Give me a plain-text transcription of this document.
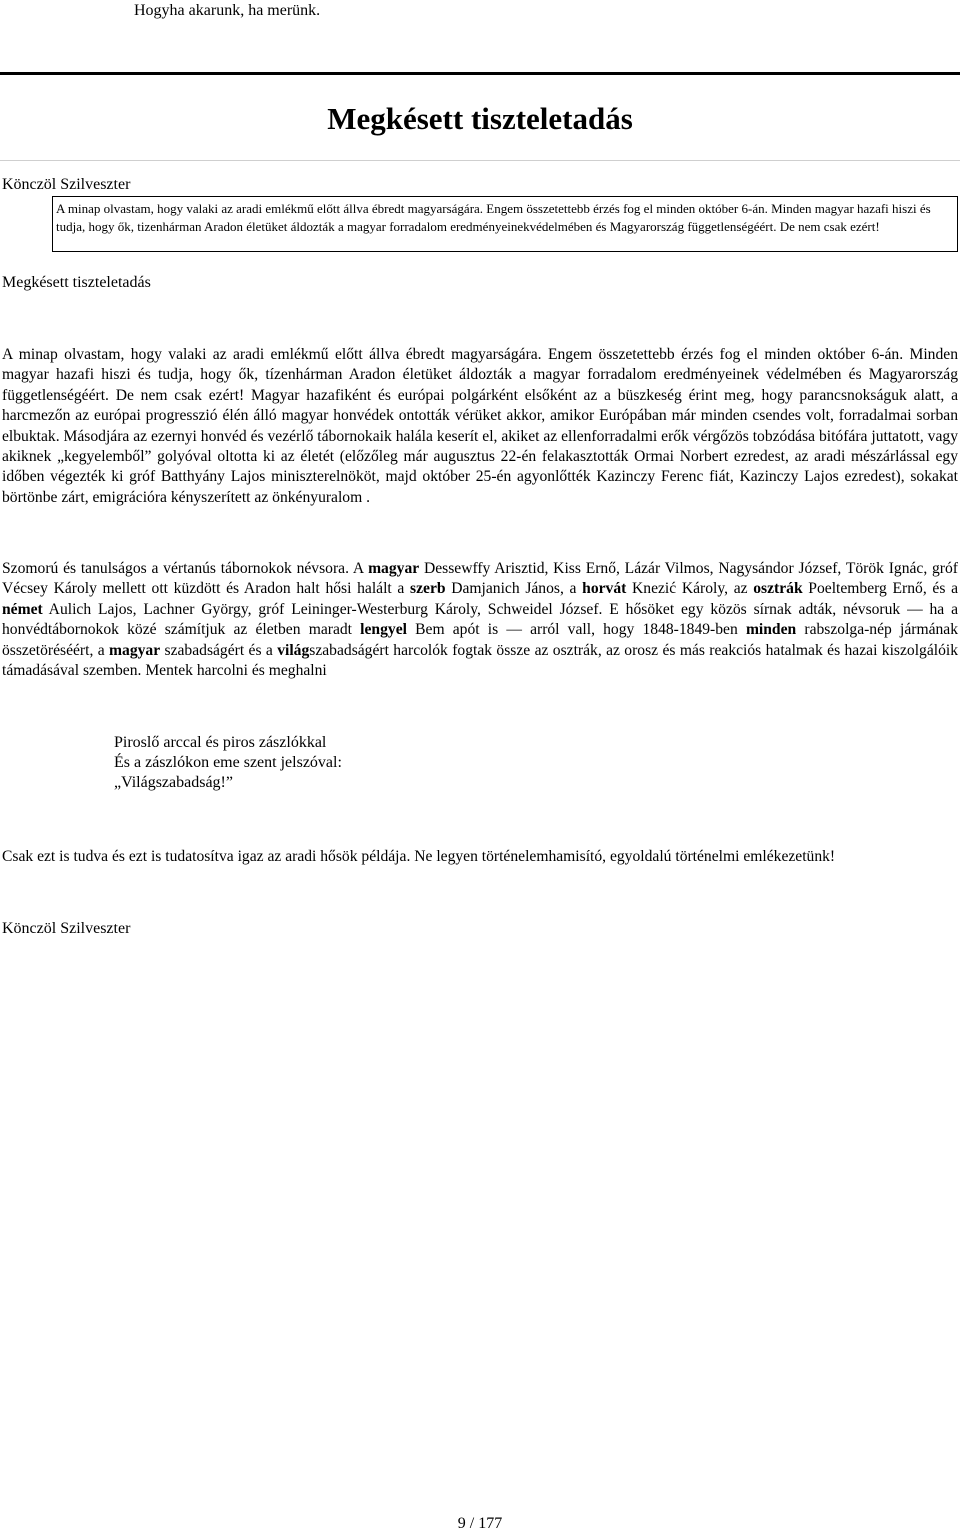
Hogyha akarunk, ha merünk.
Megkésett tiszteletadás
Könczöl Szilveszter
A minap olvastam, hogy valaki az aradi emlékmű előtt állva ébredt magyarságára. Engem összetettebb érzés fog el minden október 6-án. Minden magyar hazafi hiszi és tudja, hogy ők, tizenhárman Aradon életüket áldozták a magyar forradalom eredményeinekvédelmében és Magyarország függetlenségéért. De nem csak ezért!
Megkésett tiszteletadás

A minap olvastam, hogy valaki az aradi emlékmű előtt állva ébredt magyarságára. Engem összetettebb érzés fog el minden október 6-án. Minden magyar hazafi hiszi és tudja, hogy ők, tízenhárman Aradon életüket áldozták a magyar forradalom eredményeinek védelmében és Magyarország függetlenségéért. De nem csak ezért! Magyar hazafiként és európai polgárként elsőként az a büszkeség érint meg, hogy parancsnokságuk alatt, a harcmezőn az európai progresszió élén álló magyar honvédek ontották vérüket akkor, amikor Európában már minden csendes volt, forradalmai sorban elbuktak. Másodjára az ezernyi honvéd és vezérlő tábornokaik halála keserít el, akiket az ellenforradalmi erők vérgőzös tobzódása bitófára juttatott, vagy akiknek „kegyelemből” golyóval oltotta ki az életét (előzőleg már augusztus 22-én felakasztották Ormai Norbert ezredest, az aradi mészárlással egy időben végezték ki gróf Batthyány Lajos miniszterelnököt, majd október 25-én agyonlőtték Kazinczy Ferenc fiát, Kazinczy Lajos ezredest), sokakat börtönbe zárt, emigrációra kényszerített az önkényuralom .

Szomorú és tanulságos a vértanús tábornokok névsora. A magyar Dessewffy Arisztid, Kiss Ernő, Lázár Vilmos, Nagysándor József, Török Ignác, gróf Vécsey Károly mellett ott küzdött és Aradon halt hősi halált a szerb Damjanich János, a horvát Knezić Károly, az osztrák Poeltemberg Ernő, és a német Aulich Lajos, Lachner György, gróf Leininger-Westerburg Károly, Schweidel József. E hősöket egy közös sírnak adták, névsoruk — ha a honvédtábornokok közé számítjuk az életben maradt lengyel Bem apót is — arról vall, hogy 1848-1849-ben minden rabszolga-nép jármának összetöréséért, a magyar szabadságért és a világszabadságért harcolók fogtak össze az osztrák, az orosz és más reakciós hatalmak és hazai kiszolgálóik támadásával szemben. Mentek harcolni és meghalni

Piroslő arccal és piros zászlókkal
És a zászlókon eme szent jelszóval:
„Világszabadság!”

Csak ezt is tudva és ezt is tudatosítva igaz az aradi hősök példája. Ne legyen történelemhamisító, egyoldalú történelmi emlékezetünk!

Könczöl Szilveszter
9 / 177
